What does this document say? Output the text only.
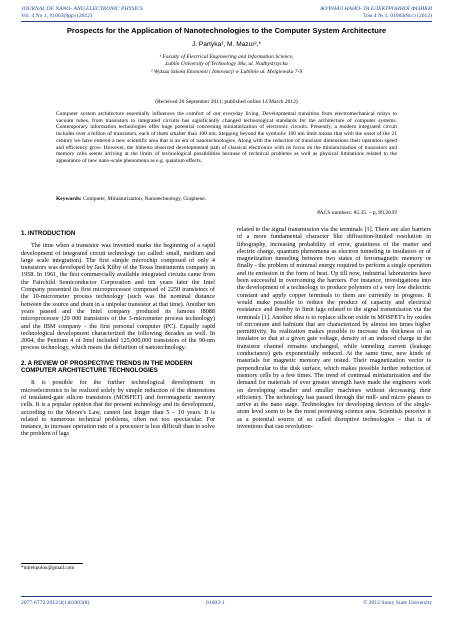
JOURNAL OF NANO- AND ELECTRONIC PHYSICS
Vol. 4 No 1, 01003(8pp) (2012)
ЖУРНАЛ НАНО- ТА ЕЛЕКТРОННОЇ ФІЗИКИ
Том 4 № 1, 01003(8cc) (2012)
Prospects for the Application of Nanotechnologies to the Computer System Architecture
J. Partyka¹, M. Mazur²,*
¹ Faculty of Electrical Engineering and Information Science,
Lublin University of Technology 38a, ul. Nadbystrzycka
² Wyższa Szkoła Ekonomii i Innowacji w Lublinie ul. Melgiewska 7-9
(Received 26 September 2011; published online 14 March 2012)

Computer system architecture essentially influences the comfort of our everyday living. Developmental transition from electromechanical relays to vacuum tubes, from transistors to integrated circuits has significantly changed technological standards for the architecture of computer systems. Contemporary information technologies offer huge potential concerning miniaturization of electronic circuits. Presently, a modern integrated circuit includes over a billion of transistors, each of them smaller than 100 nm. Stepping beyond the symbolic 100 nm limit means that with the onset of the 21 century we have entered a new scientific area that is an era of nanotechnologies. Along with the reduction of transistor dimensions their operation speed and efficiency grow. However, the hitherto observed developmental path of classical electronics with its focus on the miniaturization of transistors and memory cells seems arriving at the limits of technological possibilities because of technical problems as well as physical limitations related to the appearance of new nano-scale phenomena as e.g. quantum effects.

Keywords: Computer, Miniaturization, Nanotechnology, Graphene.
PACS numbers: 85.35. – p, 89.20.Ff
1. INTRODUCTION

The time when a transistor was invented marks the beginning of a rapid development of integrated circuit technology (so called: small, medium and large scale integration). The first simple microchip composed of only 4 transistors was developed by Jack Kilby of the Texas Instruments company in 1958. In 1961, the first commercially available integrated circuits came from the Fairchild Semiconductor Corporation and ten years later the Intel Company presented its first microprocessor composed of 2250 transistors of the 10-micrometer process technology (such was the nominal distance between the source and drain in a unipolar transistor at that time). Another ten years passed and the Intel company produced its famous i8088 microprocessor (29 000 transistors of the 3-micrometer process technology) and the IBM company - the first personal computer (PC). Equally rapid technological development characterized the following decades as well. In 2004, the Pentium 4 of Intel included 125,000,000 transistors of the 90-nm process technology, which meets the definition of nanotechnology.

2. A REVIEW OF PROSPECTIVE TRENDS IN THE MODERN COMPUTER ARCHITECTURE TECHNOLOGIES

It is possible for the further technological development in microelectronics to be realized solely by simple reduction of the dimensions of insulated-gate silicon transistors (MOSFET) and ferromagnetic memory cells. It is a popular opinion that the present technology and its development, according to the Moore's Law, cannot last longer than 5 – 10 years. It is related to numerous technical problems, often not too spectacular. For instance, to increase operation rate of a processor is less difficult than to solve the problem of lags

related to the signal transmission via the terminals [1]. There are also barriers of a more fundamental character like diffraction-limited resolution in lithography, increasing probability of error, graininess of the matter and electric charge, quantum phenomena as electron tunneling in insulators or of magnetization tunneling between two states of ferromagnetic memory or finally - the problem of minimal energy required to perform a single operation and its emission in the form of heat. Up till now, industrial laboratories have been successful in overcoming the barriers. For instance, investigations into the development of a technology to produce polymers of a very low dielectric constant and apply copper terminals to them are currently in progress. It would make possible to reduce the product of capacity and electrical resistance and thereby to limit lags related to the signal transmission via the terminals [1]. Another idea is to replace silicon oxide in MOSFET's by oxides of zirconium and hafnium that are characterized by almost ten times higher permittivity. Its realization makes possible to increase the thickness of an insulator so that at a given gate voltage, density of an induced charge in the transistor channel remains unchanged, while tunneling current (leakage conductance) gets exponentially reduced. At the same time, new kinds of materials for magnetic memory are tested. Their magnetization vector is perpendicular to the disk surface, which makes possible further reduction of memory cells by a few times. The trend of continual miniaturization and the demand for materials of ever greater strength have made the engineers work on developing smaller and smaller machines without decreasing their efficiency. The technology has passed through the mill- and micro phases to arrive at the nano stage. Technologies for developing devices of the single-atom level seem to be the most promising science area. Scientists perceive it as a potential source of so called disruptive technologies – that is of inventions that can revolution-

*mirekpolon@gmail.com
2077-6772/2012/4(1)01003(8)	01003-1	© 2012 Sumy State University
